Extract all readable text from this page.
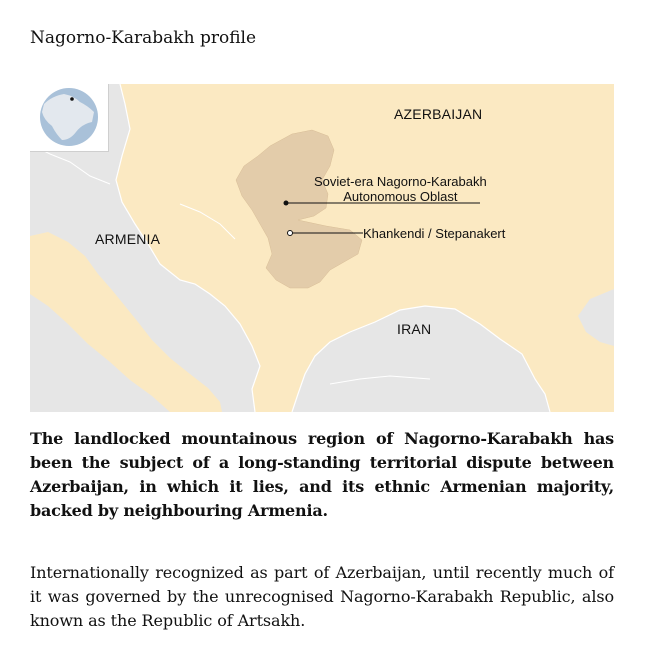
Nagorno-Karabakh profile
AZERBAIJAN
ARMENIA
IRAN
Soviet-era Nagorno-Karabakh
Autonomous Oblast
Khankendi / Stepanakert

The landlocked mountainous region of Nagorno-Karabakh has been the subject of a long-standing territorial dispute between Azerbaijan, in which it lies, and its ethnic Armenian majority, backed by neighbouring Armenia.

Internationally recognized as part of Azerbaijan, until recently much of it was governed by the unrecognised Nagorno-Karabakh Republic, also known as the Republic of Artsakh.
